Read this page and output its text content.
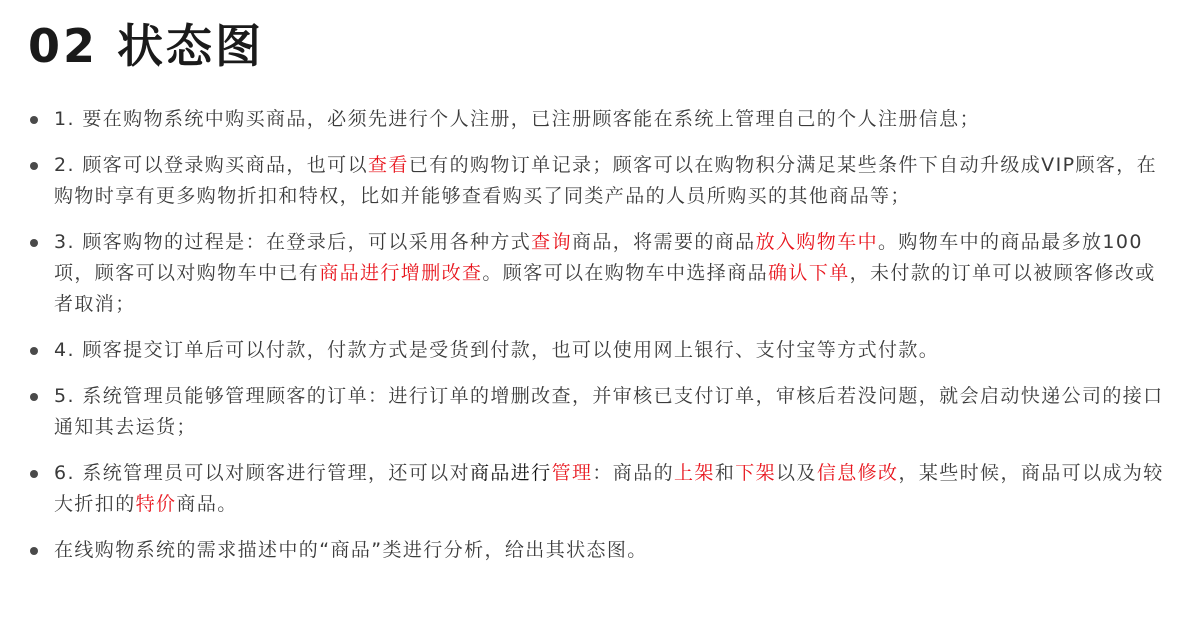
02 状态图
1. 要在购物系统中购买商品，必须先进行个人注册，已注册顾客能在系统上管理自己的个人注册信息；
2. 顾客可以登录购买商品，也可以查看已有的购物订单记录；顾客可以在购物积分满足某些条件下自动升级成VIP顾客，在购物时享有更多购物折扣和特权，比如并能够查看购买了同类产品的人员所购买的其他商品等；
3. 顾客购物的过程是：在登录后，可以采用各种方式查询商品，将需要的商品放入购物车中。购物车中的商品最多放100项，顾客可以对购物车中已有商品进行增删改查。顾客可以在购物车中选择商品确认下单，未付款的订单可以被顾客修改或者取消；
4. 顾客提交订单后可以付款，付款方式是受货到付款，也可以使用网上银行、支付宝等方式付款。
5. 系统管理员能够管理顾客的订单：进行订单的增删改查，并审核已支付订单，审核后若没问题，就会启动快递公司的接口通知其去运货；
6. 系统管理员可以对顾客进行管理，还可以对商品进行管理：商品的上架和下架以及信息修改，某些时候，商品可以成为较大折扣的特价商品。
在线购物系统的需求描述中的“商品”类进行分析，给出其状态图。
